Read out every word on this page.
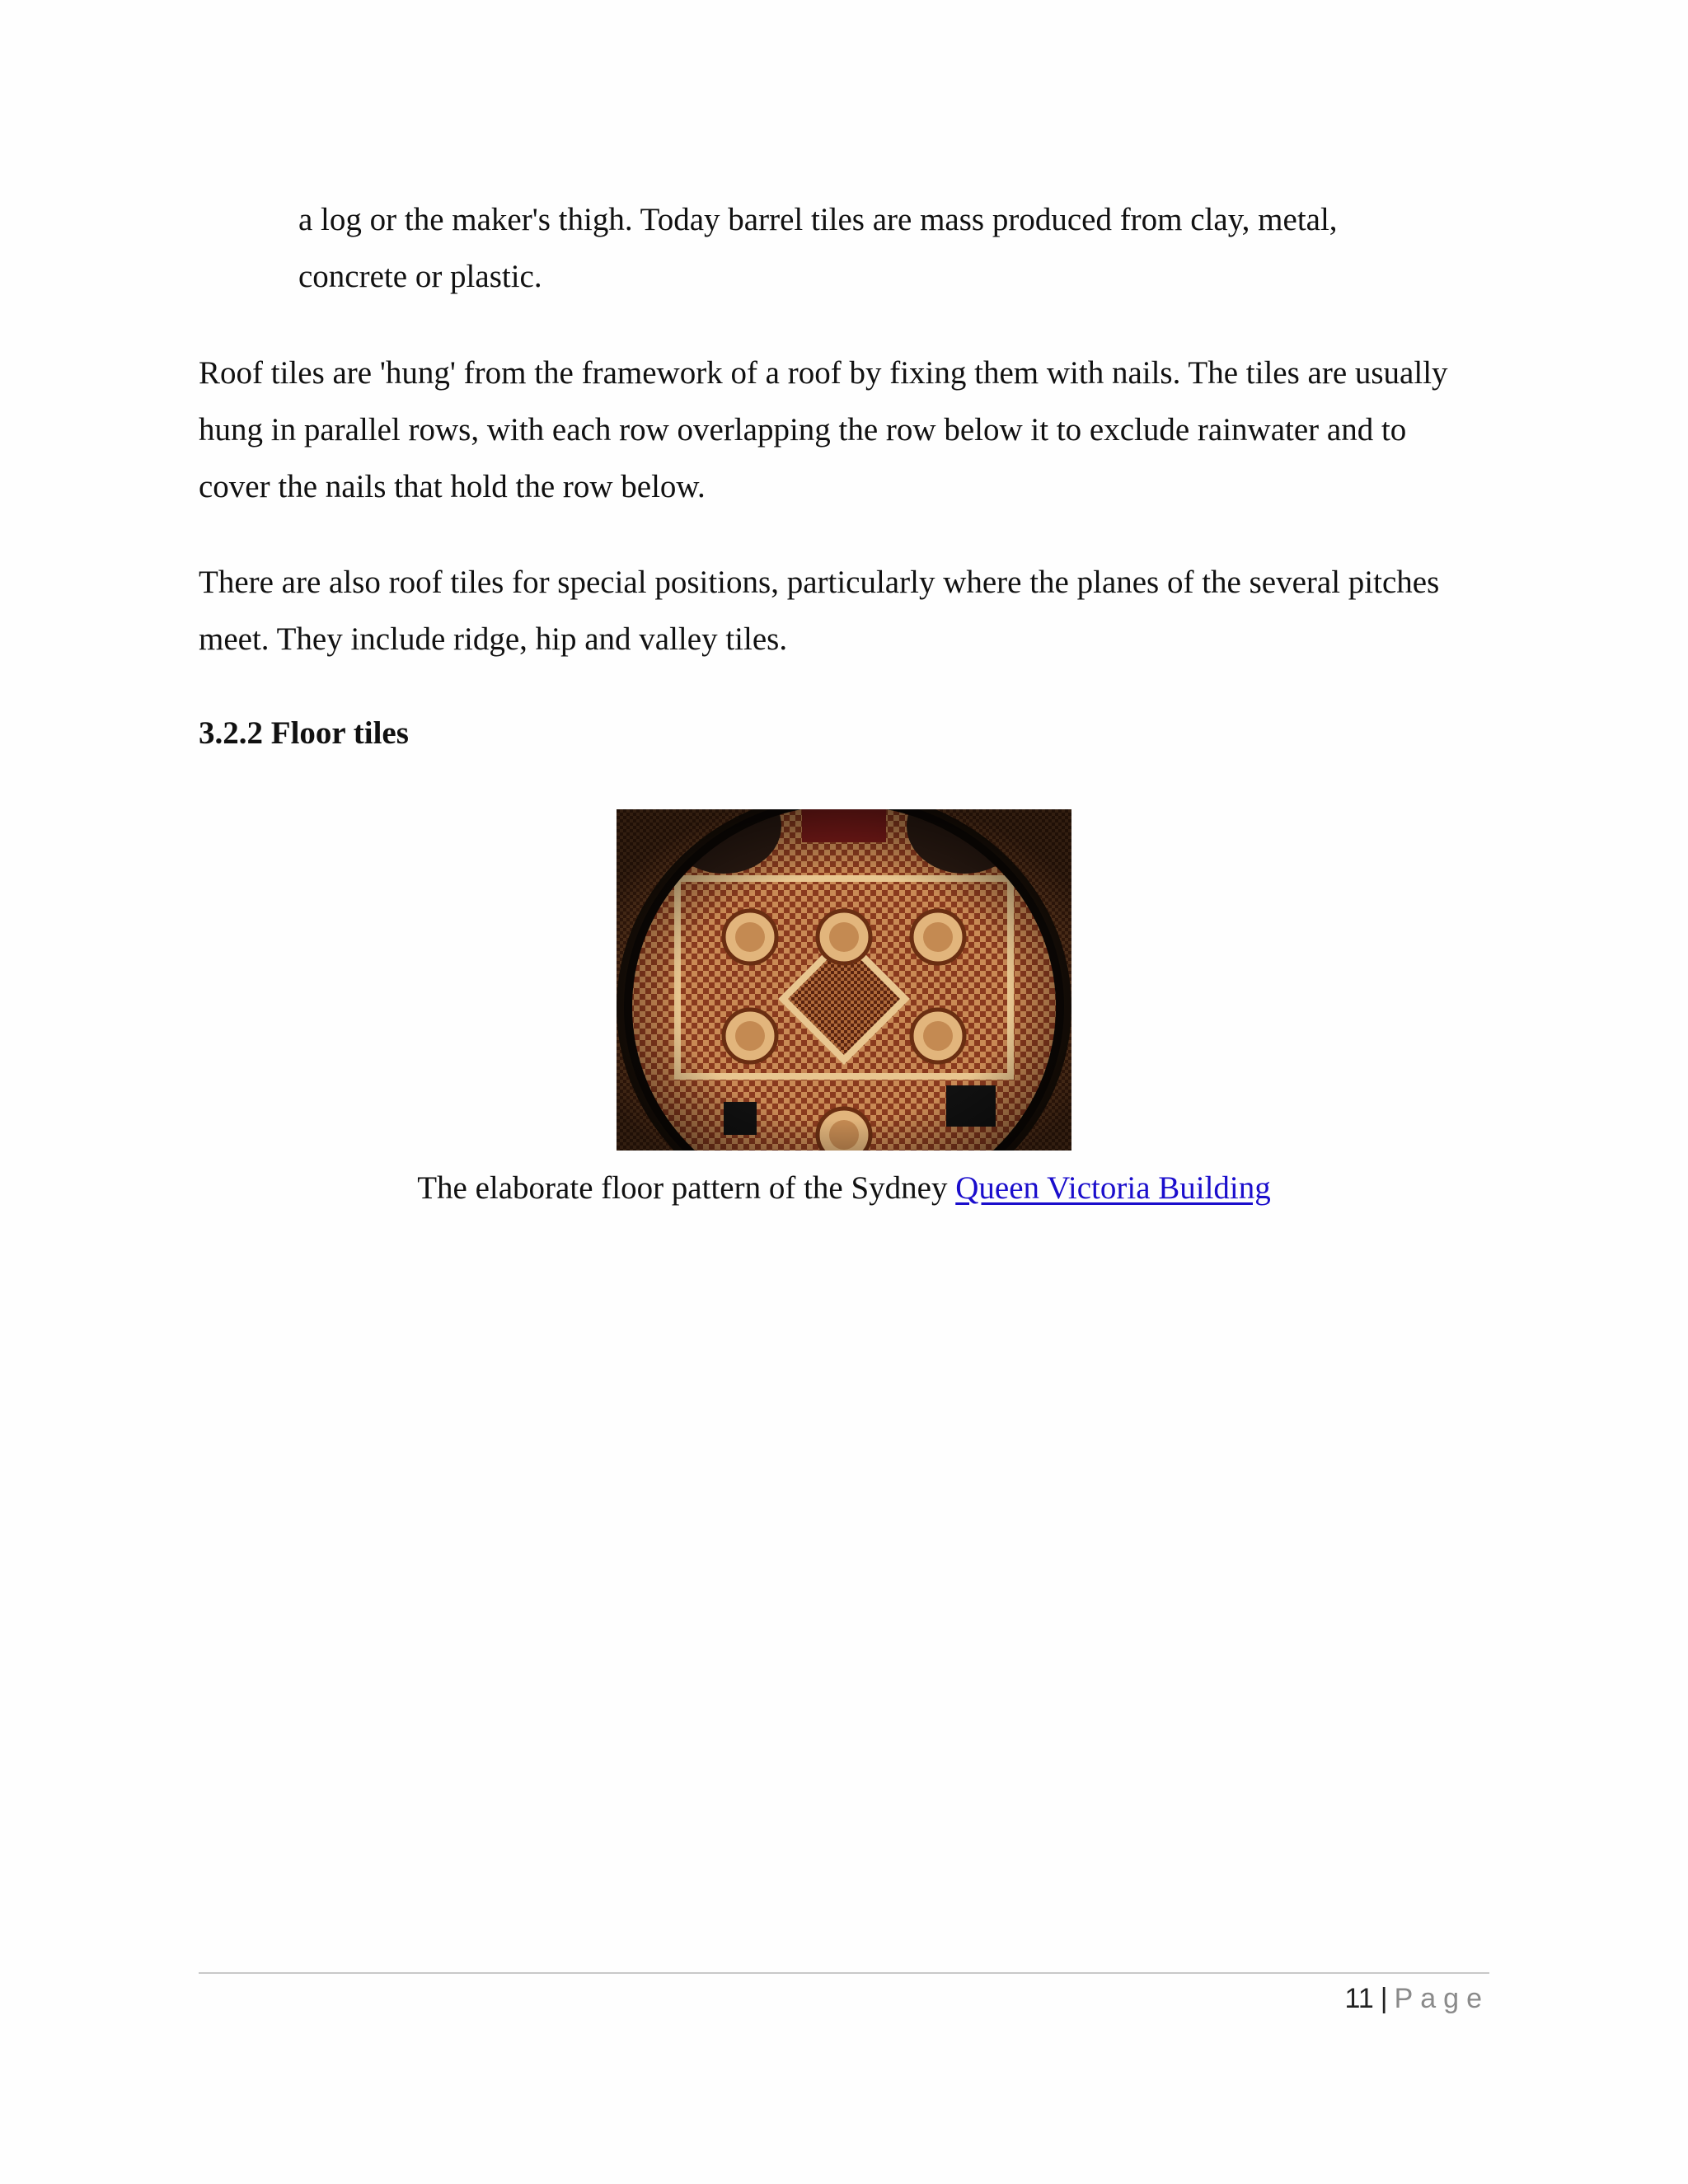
a log or the maker's thigh. Today barrel tiles are mass produced from clay, metal,
concrete or plastic.

Roof tiles are 'hung' from the framework of a roof by fixing them with nails. The tiles are usually
hung in parallel rows, with each row overlapping the row below it to exclude rainwater and to
cover the nails that hold the row below.

There are also roof tiles for special positions, particularly where the planes of the several pitches
meet. They include ridge, hip and valley tiles.

3.2.2 Floor tiles

The elaborate floor pattern of the Sydney Queen Victoria Building

11 | Page
